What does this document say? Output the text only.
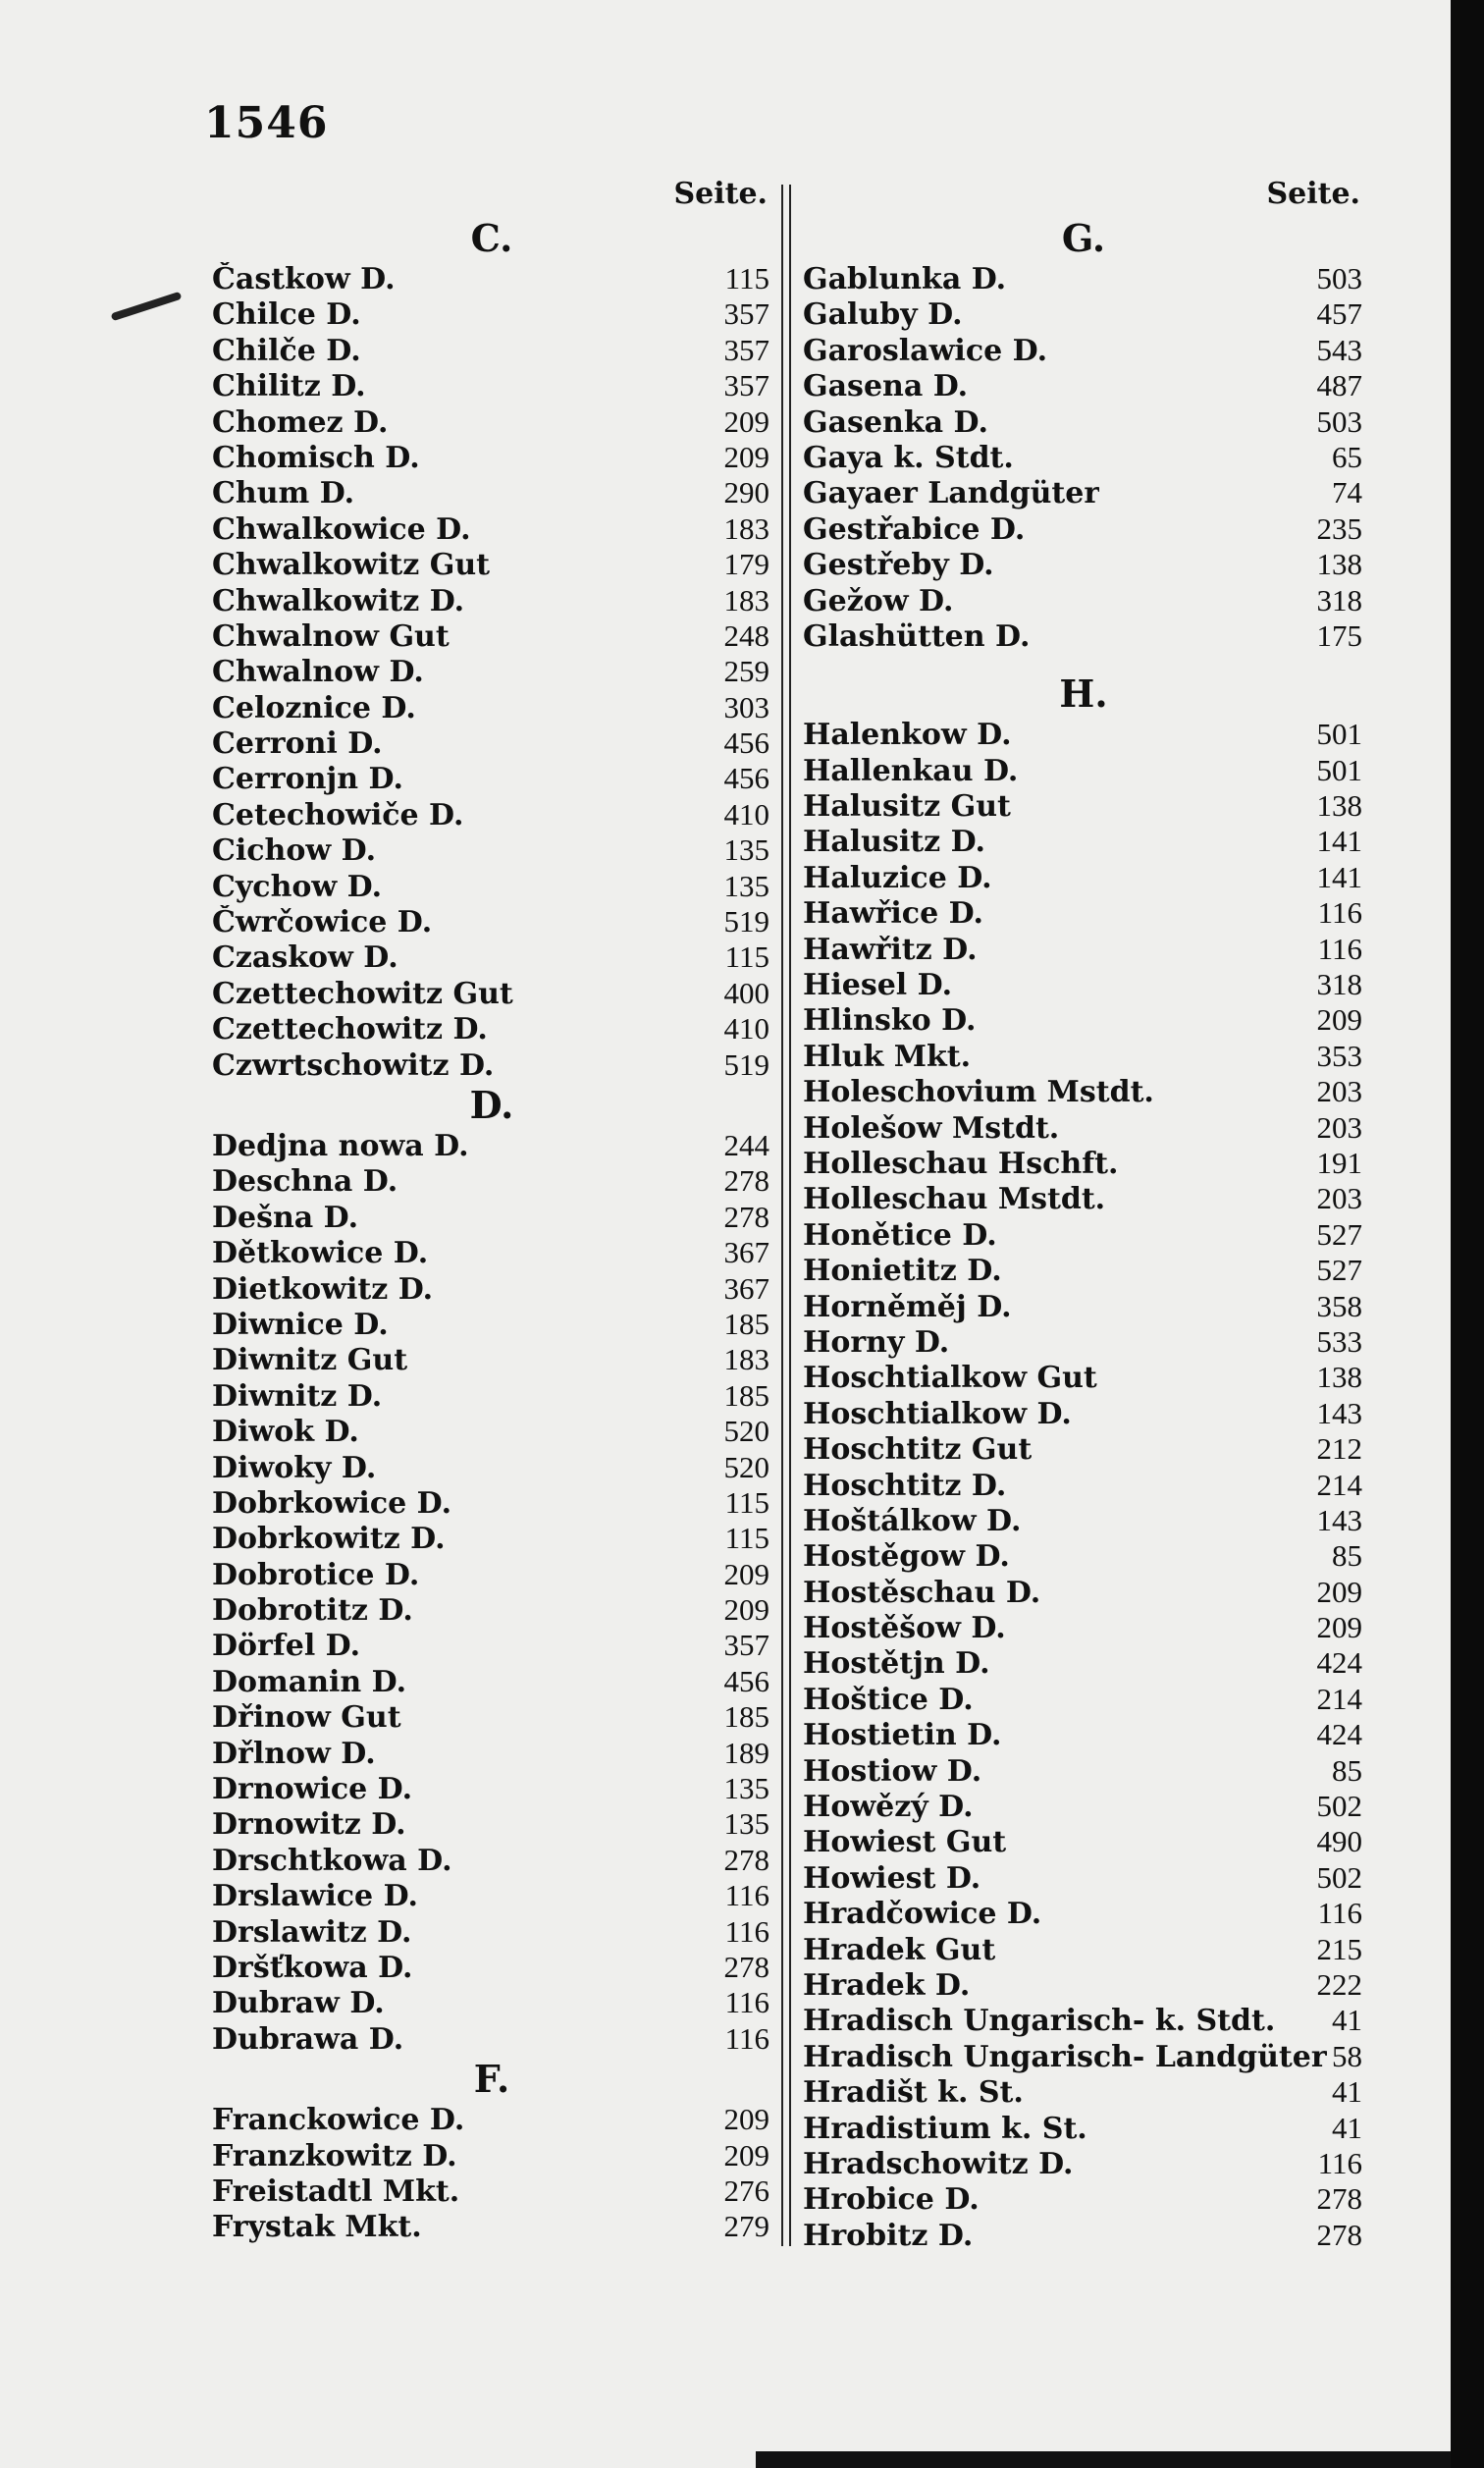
1546
Seite.
C.
Častkow D.	115
Chilce D.	357
Chilče D.	357
Chilitz D.	357
Chomez D.	209
Chomisch D.	209
Chum D.	290
Chwalkowice D.	183
Chwalkowitz Gut	179
Chwalkowitz D.	183
Chwalnow Gut	248
Chwalnow D.	259
Celoznice D.	303
Cerroni D.	456
Cerronjn D.	456
Cetechowiče D.	410
Cichow D.	135
Cychow D.	135
Čwrčowice D.	519
Czaskow D.	115
Czettechowitz Gut	400
Czettechowitz D.	410
Czwrtschowitz D.	519
D.
Dedjna nowa D.	244
Deschna D.	278
Dešna D.	278
Dětkowice D.	367
Dietkowitz D.	367
Diwnice D.	185
Diwnitz Gut	183
Diwnitz D.	185
Diwok D.	520
Diwoky D.	520
Dobrkowice D.	115
Dobrkowitz D.	115
Dobrotice D.	209
Dobrotitz D.	209
Dörfel D.	357
Domanin D.	456
Dřinow Gut	185
Dřlnow D.	189
Drnowice D.	135
Drnowitz D.	135
Drschtkowa D.	278
Drslawice D.	116
Drslawitz D.	116
Dršťkowa D.	278
Dubraw D.	116
Dubrawa D.	116
F.
Franckowice D.	209
Franzkowitz D.	209
Freistadtl Mkt.	276
Frystak Mkt.	279
Seite.
G.
Gablunka D.	503
Galuby D.	457
Garoslawice D.	543
Gasena D.	487
Gasenka D.	503
Gaya k. Stdt.	65
Gayaer Landgüter	74
Gestřabice D.	235
Gestřeby D.	138
Gežow D.	318
Glashütten D.	175
H.
Halenkow D.	501
Hallenkau D.	501
Halusitz Gut	138
Halusitz D.	141
Haluzice D.	141
Hawřice D.	116
Hawřitz D.	116
Hiesel D.	318
Hlinsko D.	209
Hluk Mkt.	353
Holeschovium Mstdt.	203
Holešow Mstdt.	203
Holleschau Hschft.	191
Holleschau Mstdt.	203
Honětice D.	527
Honietitz D.	527
Horněměj D.	358
Horny D.	533
Hoschtialkow Gut	138
Hoschtialkow D.	143
Hoschtitz Gut	212
Hoschtitz D.	214
Hoštálkow D.	143
Hostěgow D.	85
Hostěschau D.	209
Hostěšow D.	209
Hostětjn D.	424
Hoštice D.	214
Hostietin D.	424
Hostiow D.	85
Howězý D.	502
Howiest Gut	490
Howiest D.	502
Hradčowice D.	116
Hradek Gut	215
Hradek D.	222
Hradisch Ungarisch- k. Stdt. 41
Hradisch Ungarisch- Landgüter 58
Hradišt k. St.	41
Hradistium k. St.	41
Hradschowitz D.	116
Hrobice D.	278
Hrobitz D.	278
